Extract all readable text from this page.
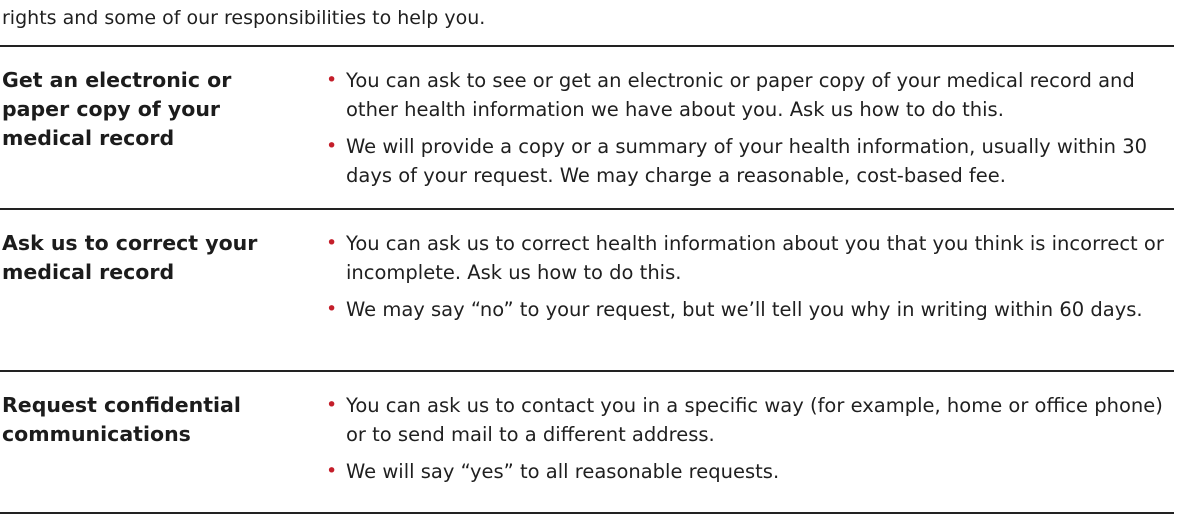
rights and some of our responsibilities to help you.
Get an electronic or
paper copy of your
medical record
• You can ask to see or get an electronic or paper copy of your medical record and other health information we have about you. Ask us how to do this.
• We will provide a copy or a summary of your health information, usually within 30 days of your request. We may charge a reasonable, cost-based fee.
Ask us to correct your
medical record
• You can ask us to correct health information about you that you think is incorrect or incomplete. Ask us how to do this.
• We may say “no” to your request, but we’ll tell you why in writing within 60 days.
Request confidential
communications
• You can ask us to contact you in a specific way (for example, home or office phone) or to send mail to a different address.
• We will say “yes” to all reasonable requests.
